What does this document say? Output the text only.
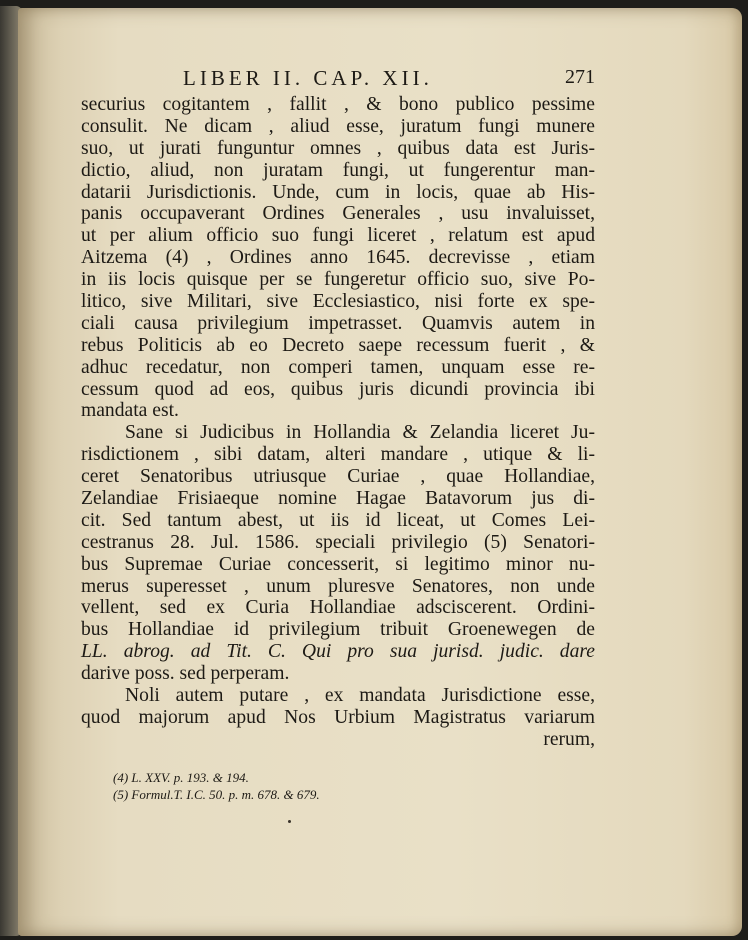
LIBER II. CAP. XII.	271
securius cogitantem , fallit , & bono publico pessime
consulit. Ne dicam , aliud esse, juratum fungi munere
suo, ut jurati funguntur omnes , quibus data est Juris-
dictio, aliud, non juratam fungi, ut fungerentur man-
datarii Jurisdictionis. Unde, cum in locis, quae ab His-
panis occupaverant Ordines Generales , usu invaluisset,
ut per alium officio suo fungi liceret , relatum est apud
Aitzema (4) , Ordines anno 1645. decrevisse , etiam
in iis locis quisque per se fungeretur officio suo, sive Po-
litico, sive Militari, sive Ecclesiastico, nisi forte ex spe-
ciali causa privilegium impetrasset. Quamvis autem in
rebus Politicis ab eo Decreto saepe recessum fuerit , &
adhuc recedatur, non comperi tamen, unquam esse re-
cessum quod ad eos, quibus juris dicundi provincia ibi
mandata est.
Sane si Judicibus in Hollandia & Zelandia liceret Ju-
risdictionem , sibi datam, alteri mandare , utique & li-
ceret Senatoribus utriusque Curiae , quae Hollandiae,
Zelandiae Frisiaeque nomine Hagae Batavorum jus di-
cit. Sed tantum abest, ut iis id liceat, ut Comes Lei-
cestranus 28. Jul. 1586. speciali privilegio (5) Senatori-
bus Supremae Curiae concesserit, si legitimo minor nu-
merus superesset , unum pluresve Senatores, non unde
vellent, sed ex Curia Hollandiae adsciscerent. Ordini-
bus Hollandiae id privilegium tribuit Groenewegen de
LL. abrog. ad Tit. C. Qui pro sua jurisd. judic. dare
darive poss. sed perperam.
Noli autem putare , ex mandata Jurisdictione esse,
quod majorum apud Nos Urbium Magistratus variarum
rerum,
(4) L. XXV. p. 193. & 194.
(5) Formul.T. I.C. 50. p. m. 678. & 679.
